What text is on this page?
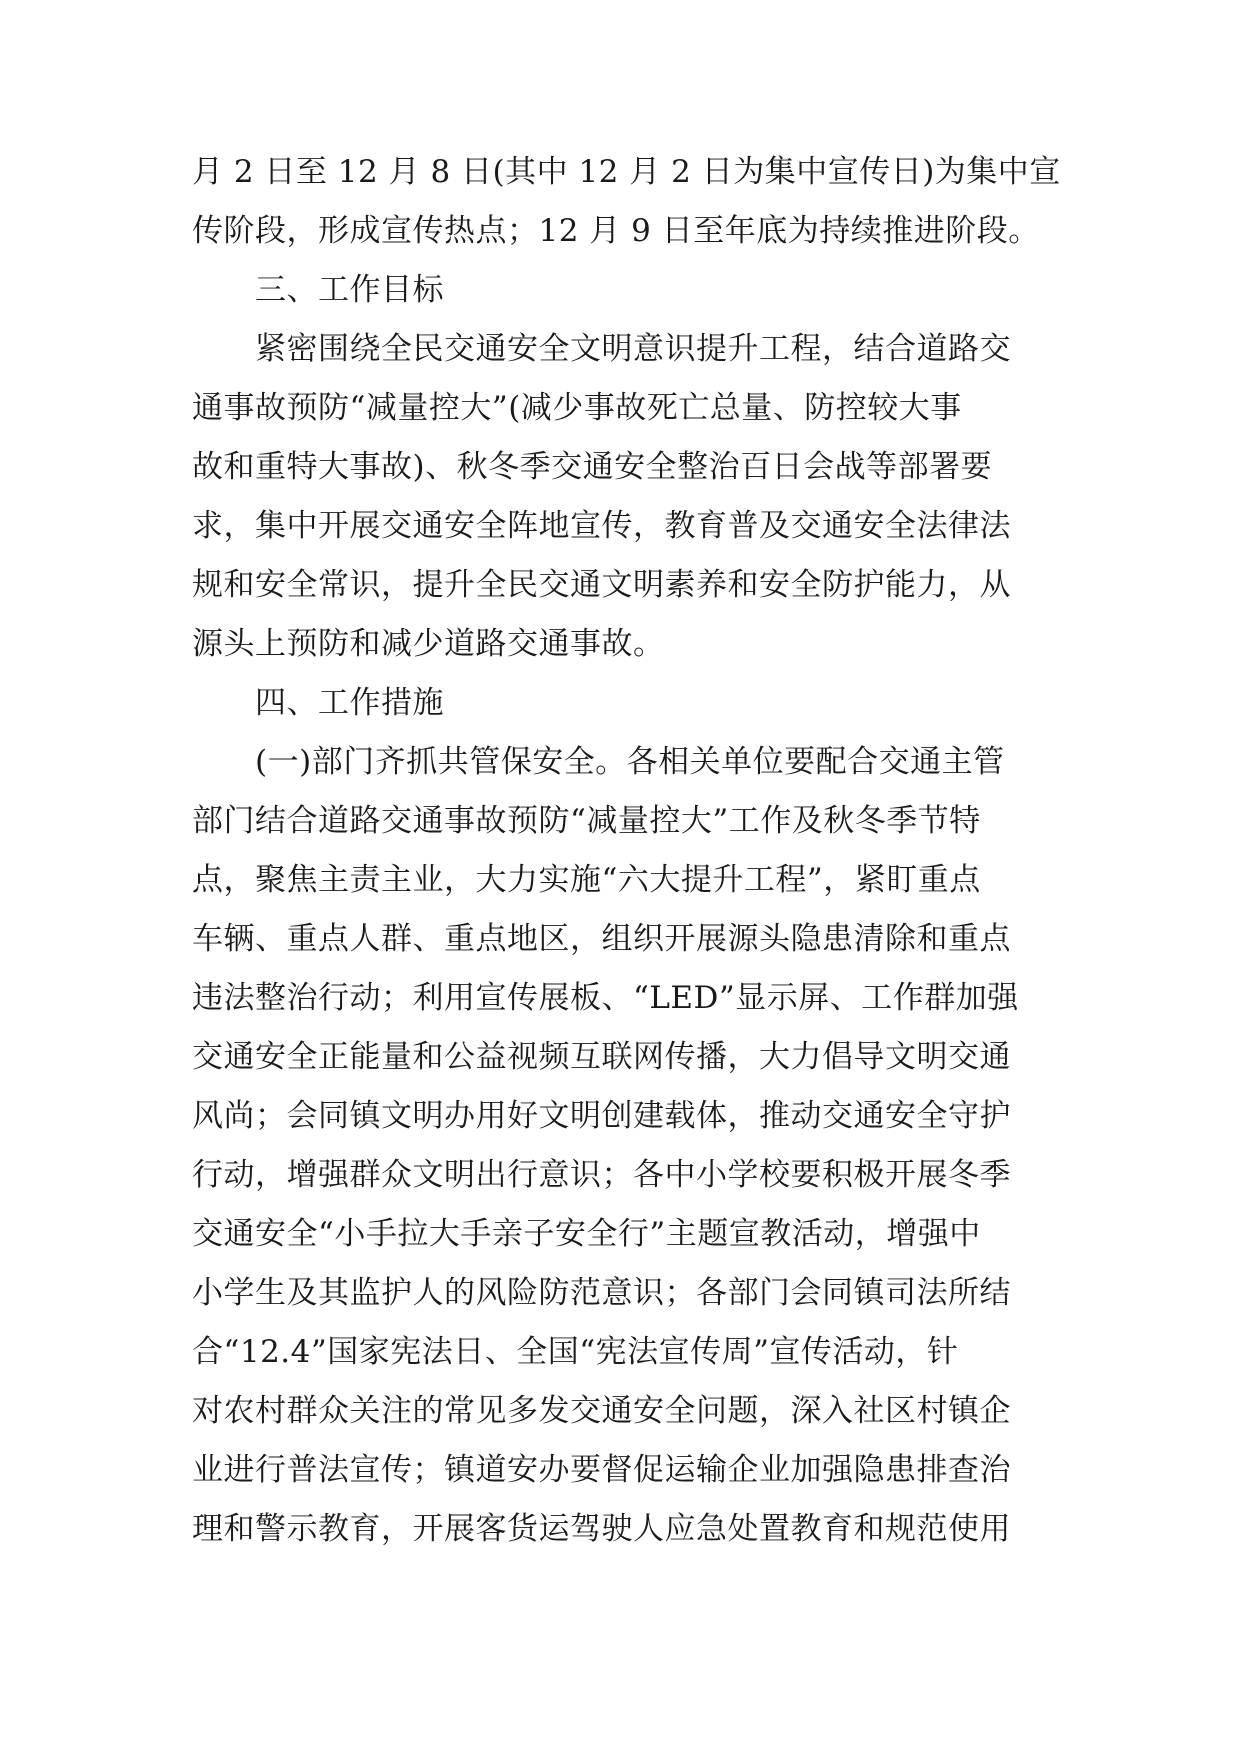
月 2 日至 12 月 8 日(其中 12 月 2 日为集中宣传日)为集中宣
传阶段，形成宣传热点；12 月 9 日至年底为持续推进阶段。
三、工作目标
紧密围绕全民交通安全文明意识提升工程，结合道路交
通事故预防“减量控大”(减少事故死亡总量、防控较大事
故和重特大事故)、秋冬季交通安全整治百日会战等部署要
求，集中开展交通安全阵地宣传，教育普及交通安全法律法
规和安全常识，提升全民交通文明素养和安全防护能力，从
源头上预防和减少道路交通事故。
四、工作措施
(一)部门齐抓共管保安全。各相关单位要配合交通主管
部门结合道路交通事故预防“减量控大”工作及秋冬季节特
点，聚焦主责主业，大力实施“六大提升工程”，紧盯重点
车辆、重点人群、重点地区，组织开展源头隐患清除和重点
违法整治行动；利用宣传展板、“LED”显示屏、工作群加强
交通安全正能量和公益视频互联网传播，大力倡导文明交通
风尚；会同镇文明办用好文明创建载体，推动交通安全守护
行动，增强群众文明出行意识；各中小学校要积极开展冬季
交通安全“小手拉大手亲子安全行”主题宣教活动，增强中
小学生及其监护人的风险防范意识；各部门会同镇司法所结
合“12.4”国家宪法日、全国“宪法宣传周”宣传活动，针
对农村群众关注的常见多发交通安全问题，深入社区村镇企
业进行普法宣传；镇道安办要督促运输企业加强隐患排查治
理和警示教育，开展客货运驾驶人应急处置教育和规范使用
